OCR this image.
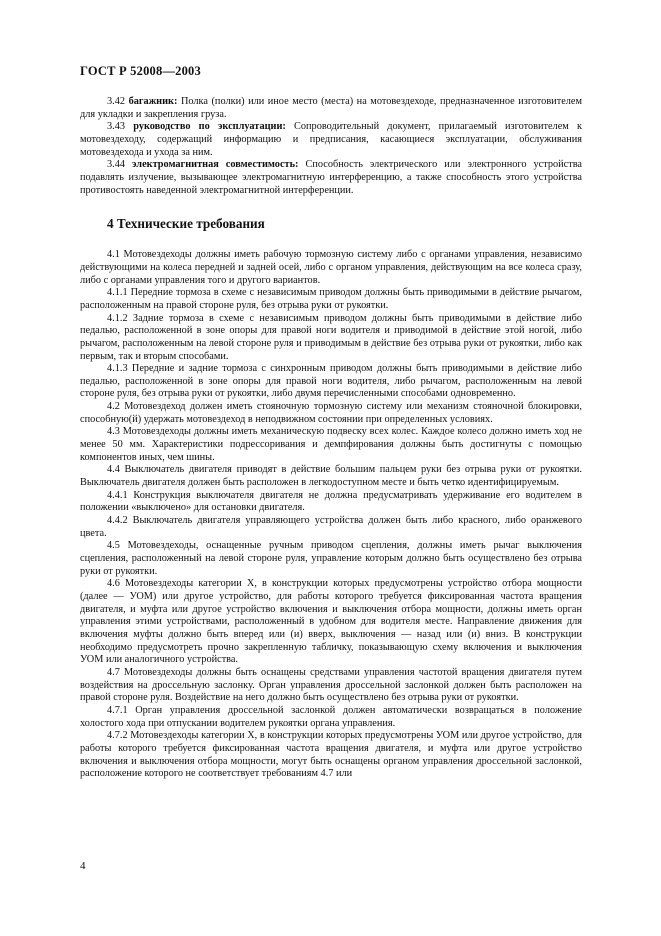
ГОСТ Р 52008—2003

3.42 багажник: Полка (полки) или иное место (места) на мотовездеходе, предназначенное изготовителем для укладки и закрепления груза.

3.43 руководство по эксплуатации: Сопроводительный документ, прилагаемый изготовителем к мотовездеходу, содержащий информацию и предписания, касающиеся эксплуатации, обслуживания мотовездехода и ухода за ним.

3.44 электромагнитная совместимость: Способность электрического или электронного устройства подавлять излучение, вызывающее электромагнитную интерференцию, а также способность этого устройства противостоять наведенной электромагнитной интерференции.

4 Технические требования

4.1 Мотовездеходы должны иметь рабочую тормозную систему либо с органами управления, независимо действующими на колеса передней и задней осей, либо с органом управления, действующим на все колеса сразу, либо с органами управления того и другого вариантов.

4.1.1 Передние тормоза в схеме с независимым приводом должны быть приводимыми в действие рычагом, расположенным на правой стороне руля, без отрыва руки от рукоятки.

4.1.2 Задние тормоза в схеме с независимым приводом должны быть приводимыми в действие либо педалью, расположенной в зоне опоры для правой ноги водителя и приводимой в действие этой ногой, либо рычагом, расположенным на левой стороне руля и приводимым в действие без отрыва руки от рукоятки, либо как первым, так и вторым способами.

4.1.3 Передние и задние тормоза с синхронным приводом должны быть приводимыми в действие либо педалью, расположенной в зоне опоры для правой ноги водителя, либо рычагом, расположенным на левой стороне руля, без отрыва руки от рукоятки, либо двумя перечисленными способами одновременно.

4.2 Мотовездеход должен иметь стояночную тормозную систему или механизм стояночной блокировки, способную(й) удержать мотовездеход в неподвижном состоянии при определенных условиях.

4.3 Мотовездеходы должны иметь механическую подвеску всех колес. Каждое колесо должно иметь ход не менее 50 мм. Характеристики подрессоривания и демпфирования должны быть достигнуты с помощью компонентов иных, чем шины.

4.4 Выключатель двигателя приводят в действие большим пальцем руки без отрыва руки от рукоятки. Выключатель двигателя должен быть расположен в легкодоступном месте и быть четко идентифицируемым.

4.4.1 Конструкция выключателя двигателя не должна предусматривать удерживание его водителем в положении «выключено» для остановки двигателя.

4.4.2 Выключатель двигателя управляющего устройства должен быть либо красного, либо оранжевого цвета.

4.5 Мотовездеходы, оснащенные ручным приводом сцепления, должны иметь рычаг выключения сцепления, расположенный на левой стороне руля, управление которым должно быть осуществлено без отрыва руки от рукоятки.

4.6 Мотовездеходы категории Х, в конструкции которых предусмотрены устройство отбора мощности (далее — УОМ) или другое устройство, для работы которого требуется фиксированная частота вращения двигателя, и муфта или другое устройство включения и выключения отбора мощности, должны иметь орган управления этими устройствами, расположенный в удобном для водителя месте. Направление движения для включения муфты должно быть вперед или (и) вверх, выключения — назад или (и) вниз. В конструкции необходимо предусмотреть прочно закрепленную табличку, показывающую схему включения и выключения УОМ или аналогичного устройства.

4.7 Мотовездеходы должны быть оснащены средствами управления частотой вращения двигателя путем воздействия на дроссельную заслонку. Орган управления дроссельной заслонкой должен быть расположен на правой стороне руля. Воздействие на него должно быть осуществлено без отрыва руки от рукоятки.

4.7.1 Орган управления дроссельной заслонкой должен автоматически возвращаться в положение холостого хода при отпускании водителем рукоятки органа управления.

4.7.2 Мотовездеходы категории Х, в конструкции которых предусмотрены УОМ или другое устройство, для работы которого требуется фиксированная частота вращения двигателя, и муфта или другое устройство включения и выключения отбора мощности, могут быть оснащены органом управления дроссельной заслонкой, расположение которого не соответствует требованиям 4.7 или

4
